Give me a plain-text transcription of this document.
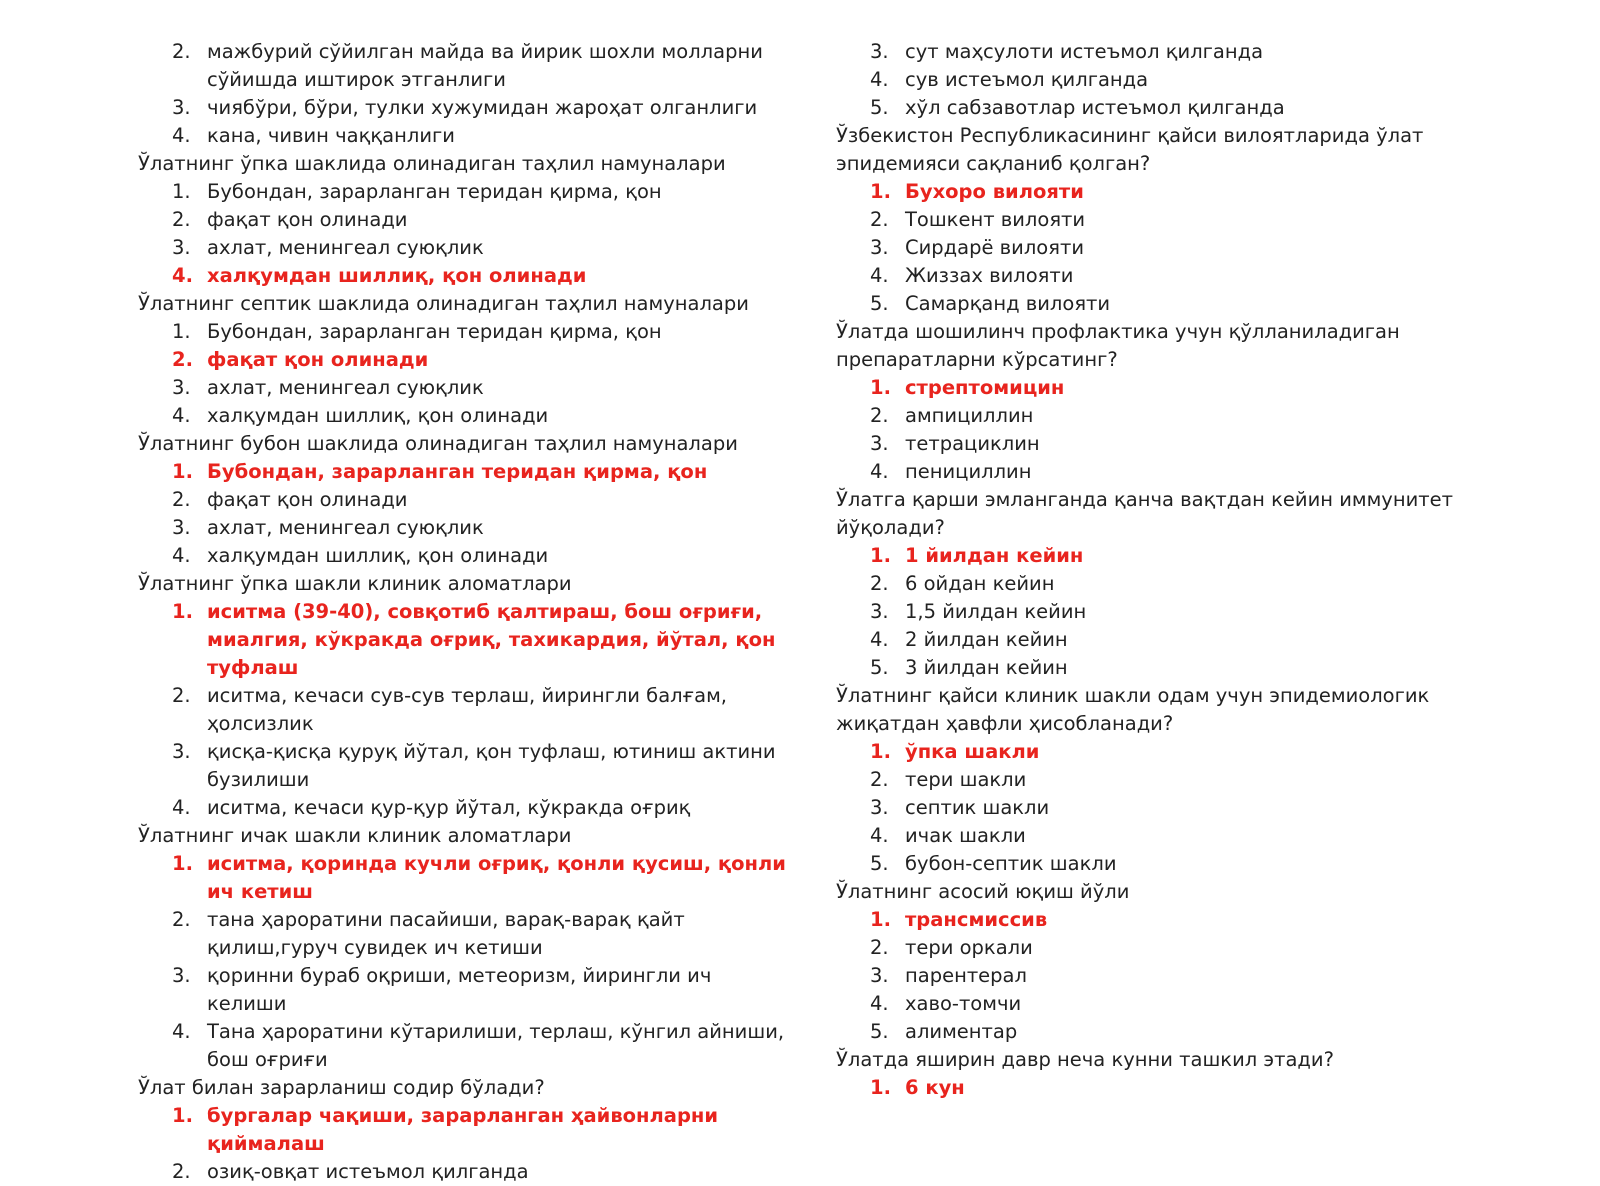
2. мажбурий сўйилган майда ва йирик шохли молларни сўйишда иштирок этганлиги
3. чиябўри, бўри, тулки хужумидан жароҳат олганлиги
4. кана, чивин чаққанлиги

Ўлатнинг ўпка шаклида олинадиган таҳлил намуналари

1. Бубондан, зарарланган теридан қирма, қон
2. фақат қон олинади
3. ахлат, менингеал суюқлик
4. халқумдан шиллиқ, қон олинади

Ўлатнинг септик шаклида олинадиган таҳлил намуналари

1. Бубондан, зарарланган теридан қирма, қон
2. фақат қон олинади
3. ахлат, менингеал суюқлик
4. халқумдан шиллиқ, қон олинади

Ўлатнинг бубон шаклида олинадиган таҳлил намуналари

1. Бубондан, зарарланган теридан қирма, қон
2. фақат қон олинади
3. ахлат, менингеал суюқлик
4. халқумдан шиллиқ, қон олинади

Ўлатнинг ўпка шакли клиник аломатлари

1. иситма (39-40), совқотиб қалтираш, бош оғриғи, миалгия, кўкракда оғриқ, тахикардия, йўтал, қон туфлаш
2. иситма, кечаси сув-сув терлаш, йирингли балғам, ҳолсизлик
3. қисқа-қисқа қуруқ йўтал, қон туфлаш, ютиниш актини бузилиши
4. иситма, кечаси қур-қур йўтал, кўкракда оғриқ

Ўлатнинг ичак шакли клиник аломатлари

1. иситма, қоринда кучли оғриқ, қонли қусиш, қонли ич кетиш
2. тана ҳароратини пасайиши, варақ-варақ қайт қилиш,гуруч сувидек ич кетиши
3. қоринни бураб оқриши, метеоризм, йирингли ич келиши
4. Тана ҳароратини кўтарилиши, терлаш, кўнгил айниши, бош оғриғи

Ўлат билан зарарланиш содир бўлади?

1. бургалар чақиши, зарарланган ҳайвонларни қиймалаш
2. озиқ-овқат истеъмол қилганда
3. сут маҳсулоти истеъмол қилганда
4. сув истеъмол қилганда
5. хўл сабзавотлар истеъмол қилганда

Ўзбекистон Республикасининг қайси вилоятларида ўлат эпидемияси сақланиб қолган?

1. Бухоро вилояти
2. Тошкент вилояти
3. Сирдарё вилояти
4. Жиззах вилояти
5. Самарқанд вилояти

Ўлатда шошилинч профлактика учун қўлланиладиган препаратларни кўрсатинг?

1. стрептомицин
2. ампициллин
3. тетрациклин
4. пенициллин

Ўлатга қарши эмланганда қанча вақтдан кейин иммунитет йўқолади?

1. 1 йилдан кейин
2. 6 ойдан кейин
3. 1,5 йилдан кейин
4. 2 йилдан кейин
5. 3 йилдан кейин

Ўлатнинг қайси клиник шакли одам учун эпидемиологик жиқатдан ҳавфли ҳисобланади?

1. ўпка шакли
2. тери шакли
3. септик шакли
4. ичак шакли
5. бубон-септик шакли

Ўлатнинг асосий юқиш йўли

1. трансмиссив
2. тери оркали
3. парентерал
4. хаво-томчи
5. алиментар

Ўлатда яширин давр неча кунни ташкил этади?

1. 6 кун
